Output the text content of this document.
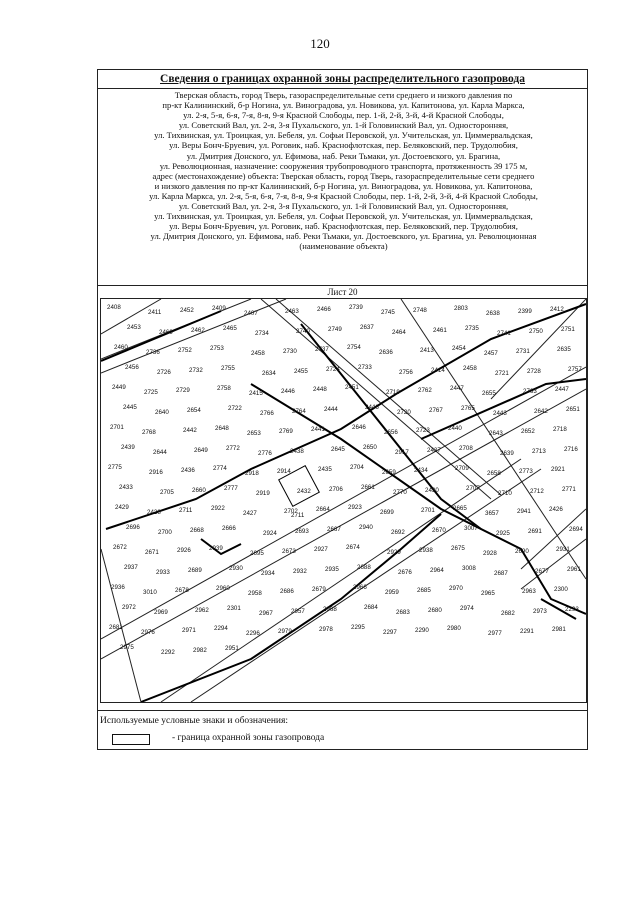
120
Сведения о границах охранной зоны распределительного газопровода
Тверская область, город Тверь, газораспределительные сети среднего и низкого давления по
пр-кт Калининский, б-р Ногина, ул. Виноградова, ул. Новикова, ул. Капитонова, ул. Карла Маркса,
ул. 2-я, 5-я, 6-я, 7-я, 8-я, 9-я Красной Слободы, пер. 1-й, 2-й, 3-й, 4-й Красной Слободы,
ул. Советский Вал, ул. 2-я, 3-я Пухальского, ул. 1-й Головинский Вал, ул. Односторонняя,
ул. Тихвинская, ул. Троицкая, ул. Бебеля, ул. Софьи Перовской, ул. Учительская, ул. Циммервальдская,
ул. Веры Бонч-Бруевич, ул. Роговик, наб. Краснофлотская, пер. Беляковский, пер. Трудолюбия,
ул. Дмитрия Донского, ул. Ефимова, наб. Реки Тьмаки, ул. Достоевского, ул. Брагина,
ул. Революционная, назначение: сооружения трубопроводного транспорта, протяженность 39 175 м,
адрес (местонахождение) объекта: Тверская область, город Тверь, газораспределительные сети среднего
и низкого давления по пр-кт Калининский, б-р Ногина, ул. Виноградова, ул. Новикова, ул. Капитонова,
ул. Карла Маркса, ул. 2-я, 5-я, 6-я, 7-я, 8-я, 9-я Красной Слободы, пер. 1-й, 2-й, 3-й, 4-й Красной Слободы,
ул. Советский Вал, ул. 2-я, 3-я Пухальского, ул. 1-й Головинский Вал, ул. Односторонняя,
ул. Тихвинская, ул. Троицкая, ул. Бебеля, ул. Софьи Перовской, ул. Учительская, ул. Циммервальдская,
ул. Веры Бонч-Бруевич, ул. Роговик, наб. Краснофлотская, пер. Беляковский, пер. Трудолюбия,
ул. Дмитрия Донского, ул. Ефимова, наб. Реки Тьмаки, ул. Достоевского, ул. Брагина, ул. Революционная
(наименование объекта)
Лист 20
2408
2411	2452	2409
2407	2463	2466	2739
2745	2748	2803
2638	2399	2412
2453
2469	2462	2465
2734	2740	2749	2637
2464	2461	2735
2741	2750	2751
2460
2736	2752	2753
2458	2730	2737	2754
2636	2413	2454
2457	2731	2635
2456
2726	2732	2755
2634	2455	2724	2733
2756	2414	2458
2721	2728	2757
2449
2725	2729	2758
2415	2446	2448	2451
2719	2762	2447
2655	2763	2447
2445
2640	2654	2722
2766	2764	2444	2446
2720	2767	2765
2443	2642	2651
2701
2768	2442	2648
2653	2769	2441	2646
2656	2723	2440
2643	2652	2718
2439
2644	2649	2772
2776	2438	2645	2650
2917	2437	2708
2639	2713	2716
2775
2916	2436	2774
2918	2914	2435	2704
2659	2434	2709
2658	2773	2921
2433
2705	2660	2777
2919	2432	2706	2661
2770	2430	2707
2710	2712	2771
2429
2428	2711	2922
2427	2702	2664	2923
2699	2701	2665
3657	2941	2426
2696
2700	2668	2666
2924	2693	2667	2940
2692	2670	3007
2925	2691	2694
2672
2671	2926	2939
2695	2673	2927	2674
2929	2938	2675
2928	2690	2931
2937
2933	2689	2930
2934	2932	2935	2688
2676	2964	3008
2687	2677	2961
2936
3010	2678	2960
2958	2686	2679	2966
2959	2685	2970
2965	2963	2300
2972
2969	2962	2301
2967	2957	2968	2684
2683	2680	2974
2682	2973	2293
2681
2976	2971	2294
2296	2979	2978	2295
2297	2290	2980
2977	2291	2981
2975
2292	2982	2951
2711
Используемые условные знаки и обозначения:
- граница охранной зоны газопровода
